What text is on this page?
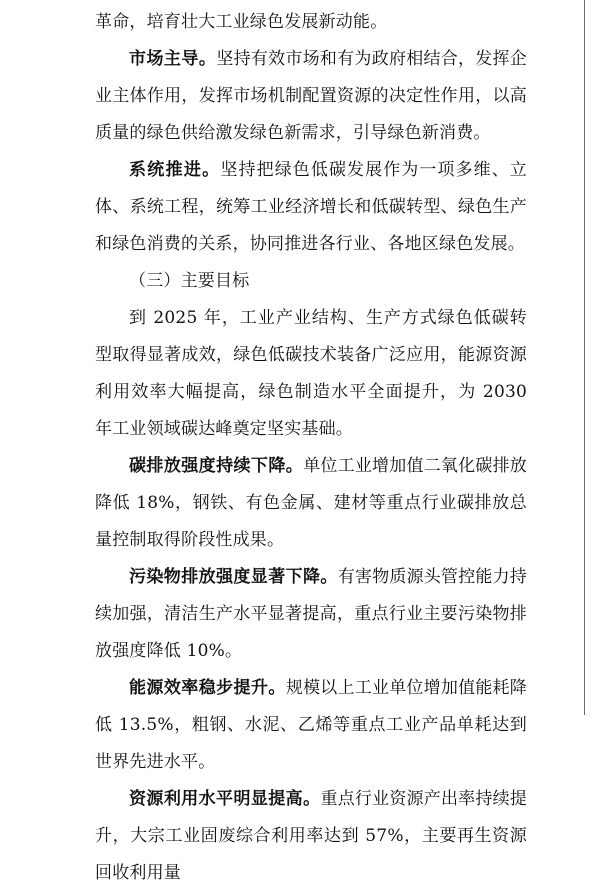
革命，培育壮大工业绿色发展新动能。

市场主导。坚持有效市场和有为政府相结合，发挥企业主体作用，发挥市场机制配置资源的决定性作用，以高质量的绿色供给激发绿色新需求，引导绿色新消费。

系统推进。坚持把绿色低碳发展作为一项多维、立体、系统工程，统筹工业经济增长和低碳转型、绿色生产和绿色消费的关系，协同推进各行业、各地区绿色发展。

（三）主要目标

到 2025 年，工业产业结构、生产方式绿色低碳转型取得显著成效，绿色低碳技术装备广泛应用，能源资源利用效率大幅提高，绿色制造水平全面提升，为 2030 年工业领域碳达峰奠定坚实基础。

碳排放强度持续下降。单位工业增加值二氧化碳排放降低 18%，钢铁、有色金属、建材等重点行业碳排放总量控制取得阶段性成果。

污染物排放强度显著下降。有害物质源头管控能力持续加强，清洁生产水平显著提高，重点行业主要污染物排放强度降低 10%。

能源效率稳步提升。规模以上工业单位增加值能耗降低 13.5%，粗钢、水泥、乙烯等重点工业产品单耗达到世界先进水平。

资源利用水平明显提高。重点行业资源产出率持续提升，大宗工业固废综合利用率达到 57%，主要再生资源回收利用量
